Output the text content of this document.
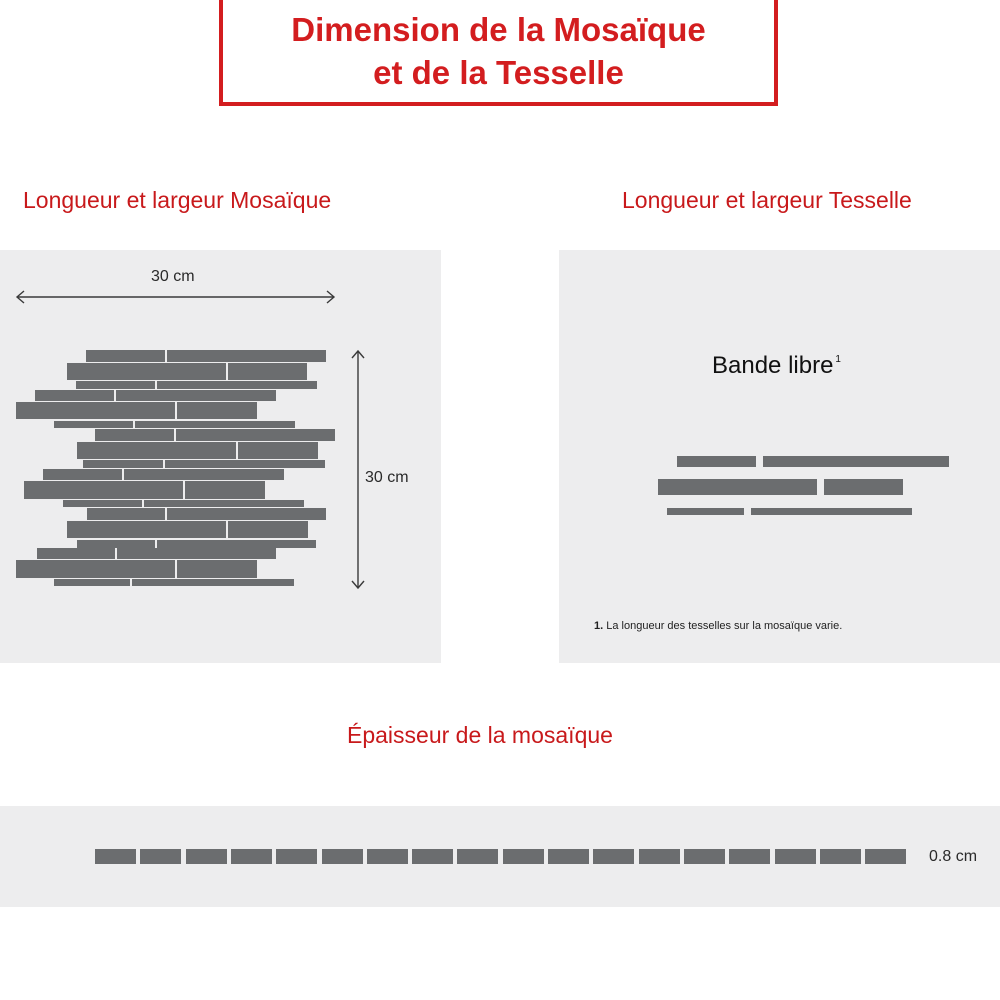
Dimension de la Mosaïque
et de la Tesselle
Longueur et largeur Mosaïque	Longueur et largeur Tesselle
Épaisseur de la mosaïque
30 cm
30 cm
Bande libre $^1$
1. La longueur des tesselles sur la mosaïque varie.
0.8 cm
